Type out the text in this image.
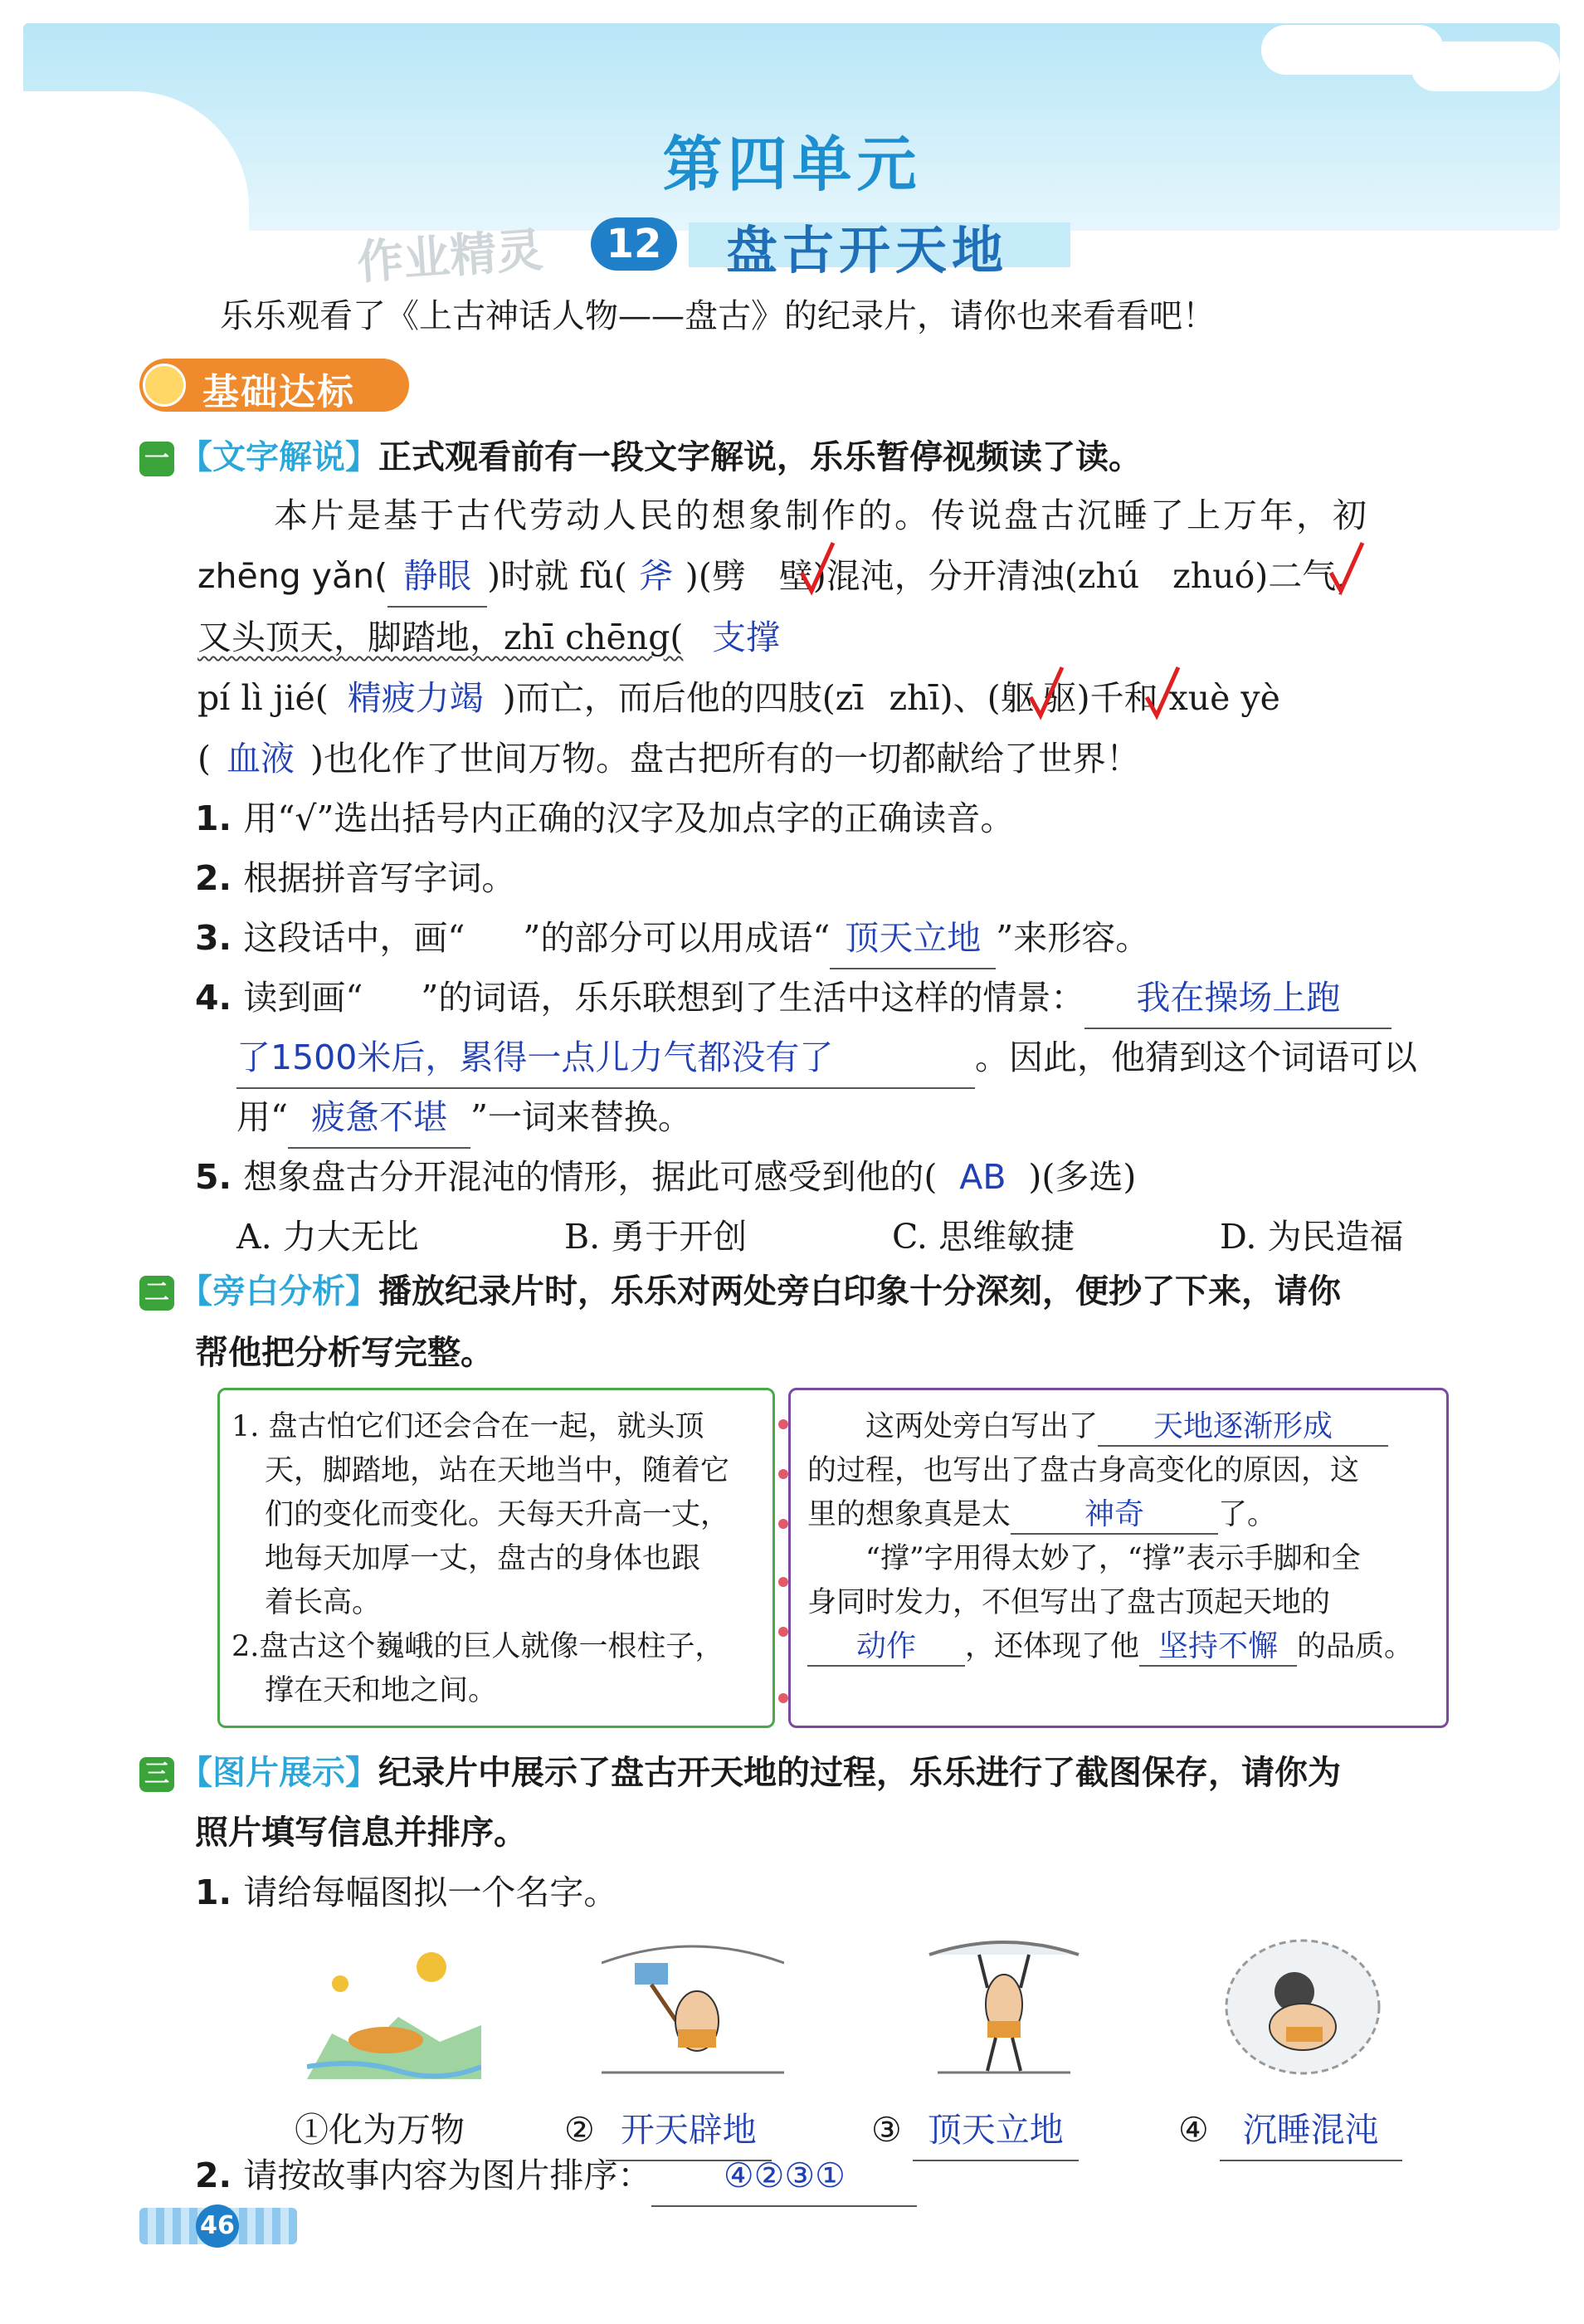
第四单元
作业精灵	12	盘古开天地
乐乐观看了《上古神话人物——盘古》的纪录片，请你也来看看吧！
基础达标
一 【文字解说】正式观看前有一段文字解说，乐乐暂停视频读了读。
本片是基于古代劳动人民的想象制作的。传说盘古沉睡了上万年，初
zhēng yǎn( 静眼 )时就 fǔ( 斧 )(劈 壁)混沌，分开清浊(zhú zhuó)二气，
又头顶天，脚踏地，zhī chēng( 支撑
pí lì jié( 精疲力竭 )而亡，而后他的四肢(zī zhī)、(躯 驱)千和 xuè yè
( 血液 )也化作了世间万物。盘古把所有的一切都献给了世界！
1. 用“√”选出括号内正确的汉字及加点字的正确读音。
2. 根据拼音写字词。
3. 这段话中，画“ ”的部分可以用成语“ 顶天立地 ”来形容。
4. 读到画“ ”的词语，乐乐联想到了生活中这样的情景： 我在操场上跑
了1500米后，累得一点儿力气都没有了	。因此，他猜到这个词语可以
用“ 疲惫不堪 ”一词来替换。
5. 想象盘古分开混沌的情形，据此可感受到他的( AB )(多选)
A. 力大无比	B. 勇于开创	C. 思维敏捷	D. 为民造福
二 【旁白分析】播放纪录片时，乐乐对两处旁白印象十分深刻，便抄了下来，请你
帮他把分析写完整。
1. 盘古怕它们还会合在一起，就头顶
天，脚踏地，站在天地当中，随着它
们的变化而变化。天每天升高一丈，
地每天加厚一丈，盘古的身体也跟
着长高。
2.盘古这个巍峨的巨人就像一根柱子，
撑在天和地之间。
这两处旁白写出了 天地逐渐形成
的过程，也写出了盘古身高变化的原因，这
里的想象真是太 神奇	了。
“撑”字用得太妙了，“撑”表示手脚和全
身同时发力，不但写出了盘古顶起天地的
动作 ，还体现了他 坚持不懈 的品质。
三 【图片展示】纪录片中展示了盘古开天地的过程，乐乐进行了截图保存，请你为
照片填写信息并排序。
1. 请给每幅图拟一个名字。
①化为万物	② 开天辟地	③ 顶天立地	④ 沉睡混沌
2. 请按故事内容为图片排序： ④②③①
46
